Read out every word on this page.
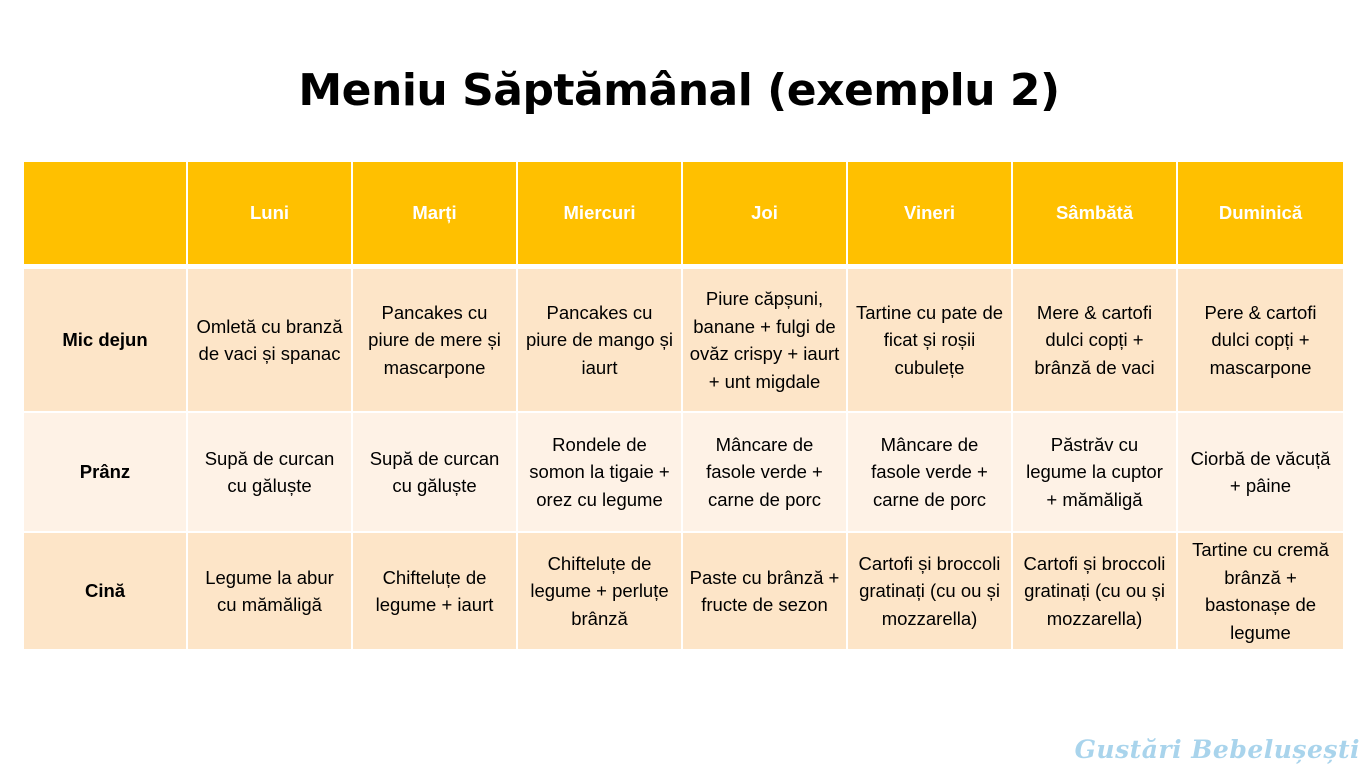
Meniu Săptămânal (exemplu 2)
	Luni	Marți	Miercuri	Joi	Vineri	Sâmbătă	Duminică
Mic dejun	Omletă cu branză de vaci și spanac	Pancakes cu piure de mere și mascarpone	Pancakes cu piure de mango și iaurt	Piure căpșuni, banane + fulgi de ovăz crispy + iaurt + unt migdale	Tartine cu pate de ficat și roșii cubulețe	Mere & cartofi dulci copți + brânză de vaci	Pere & cartofi dulci copți + mascarpone
Prânz	Supă de curcan cu găluște	Supă de curcan cu găluște	Rondele de somon la tigaie + orez cu legume	Mâncare de fasole verde + carne de porc	Mâncare de fasole verde + carne de porc	Păstrăv cu legume la cuptor + mămăligă	Ciorbă de văcuță + pâine
Cină	Legume la abur cu mămăligă	Chifteluțe de legume + iaurt	Chifteluțe de legume + perluțe brânză	Paste cu brânză + fructe de sezon	Cartofi și broccoli gratinați (cu ou și mozzarella)	Cartofi și broccoli gratinați (cu ou și mozzarella)	Tartine cu cremă brânză + bastonașe de legume
Gustări Bebelușești
